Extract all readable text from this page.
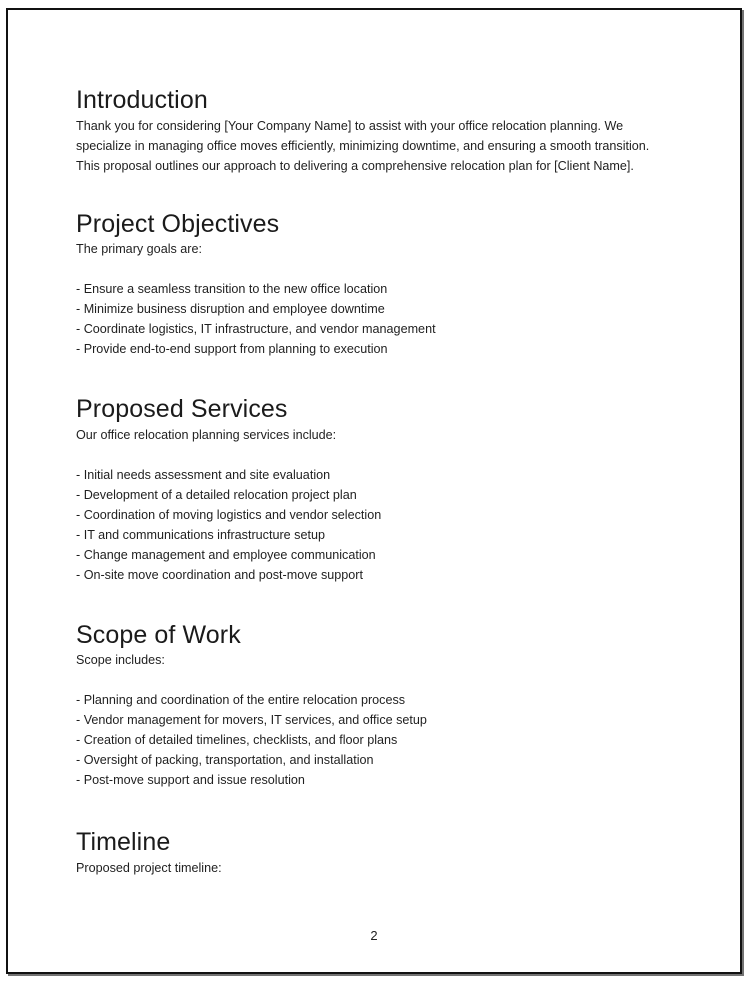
Introduction

Thank you for considering [Your Company Name] to assist with your office relocation planning. We specialize in managing office moves efficiently, minimizing downtime, and ensuring a smooth transition.

This proposal outlines our approach to delivering a comprehensive relocation plan for [Client Name].

Project Objectives

The primary goals are:

- Ensure a seamless transition to the new office location
- Minimize business disruption and employee downtime
- Coordinate logistics, IT infrastructure, and vendor management
- Provide end-to-end support from planning to execution
Proposed Services

Our office relocation planning services include:

- Initial needs assessment and site evaluation
- Development of a detailed relocation project plan
- Coordination of moving logistics and vendor selection
- IT and communications infrastructure setup
- Change management and employee communication
- On-site move coordination and post-move support
Scope of Work

Scope includes:

- Planning and coordination of the entire relocation process
- Vendor management for movers, IT services, and office setup
- Creation of detailed timelines, checklists, and floor plans
- Oversight of packing, transportation, and installation
- Post-move support and issue resolution
Timeline

Proposed project timeline:

2
